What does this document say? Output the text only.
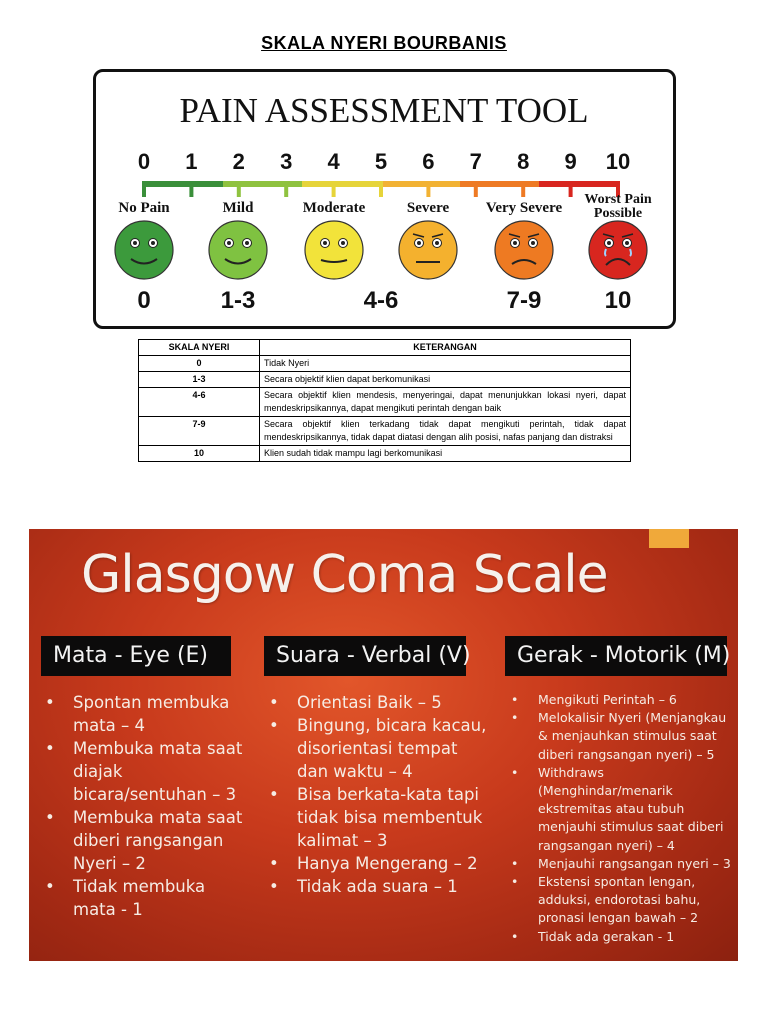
SKALA NYERI BOURBANIS
PAIN ASSESSMENT TOOL
0 1 2 3 4 5 6 7 8 9 10
No Pain	Mild	Moderate	Severe Very Severe
Worst Pain
Possible
0	1-3	4-6	7-9	10
SKALA NYERI	KETERANGAN
0	Tidak Nyeri
1-3	Secara objektif klien dapat berkomunikasi
4-6	Secara objektif klien mendesis, menyeringai, dapat menunjukkan lokasi nyeri, dapat mendeskripsikannya, dapat mengikuti perintah dengan baik
7-9	Secara objektif klien terkadang tidak dapat mengikuti perintah, tidak dapat mendeskripsikannya, tidak dapat diatasi dengan alih posisi, nafas panjang dan distraksi
10	Klien sudah tidak mampu lagi berkomunikasi
Glasgow Coma Scale
Mata - Eye (E)	Suara - Verbal (V)	Gerak - Motorik (M)
• Spontan membuka mata – 4
• Membuka mata saat diajak bicara/sentuhan – 3
• Membuka mata saat diberi rangsangan Nyeri – 2
• Tidak membuka mata - 1
• Orientasi Baik – 5
• Bingung, bicara kacau, disorientasi tempat dan waktu – 4
• Bisa berkata-kata tapi tidak bisa membentuk kalimat – 3
• Hanya Mengerang – 2
• Tidak ada suara – 1
• Mengikuti Perintah – 6
• Melokalisir Nyeri (Menjangkau & menjauhkan stimulus saat diberi rangsangan nyeri) – 5
• Withdraws (Menghindar/menarik ekstremitas atau tubuh menjauhi stimulus saat diberi rangsangan nyeri) – 4
• Menjauhi rangsangan nyeri – 3
• Ekstensi spontan lengan, adduksi, endorotasi bahu, pronasi lengan bawah – 2
• Tidak ada gerakan - 1
